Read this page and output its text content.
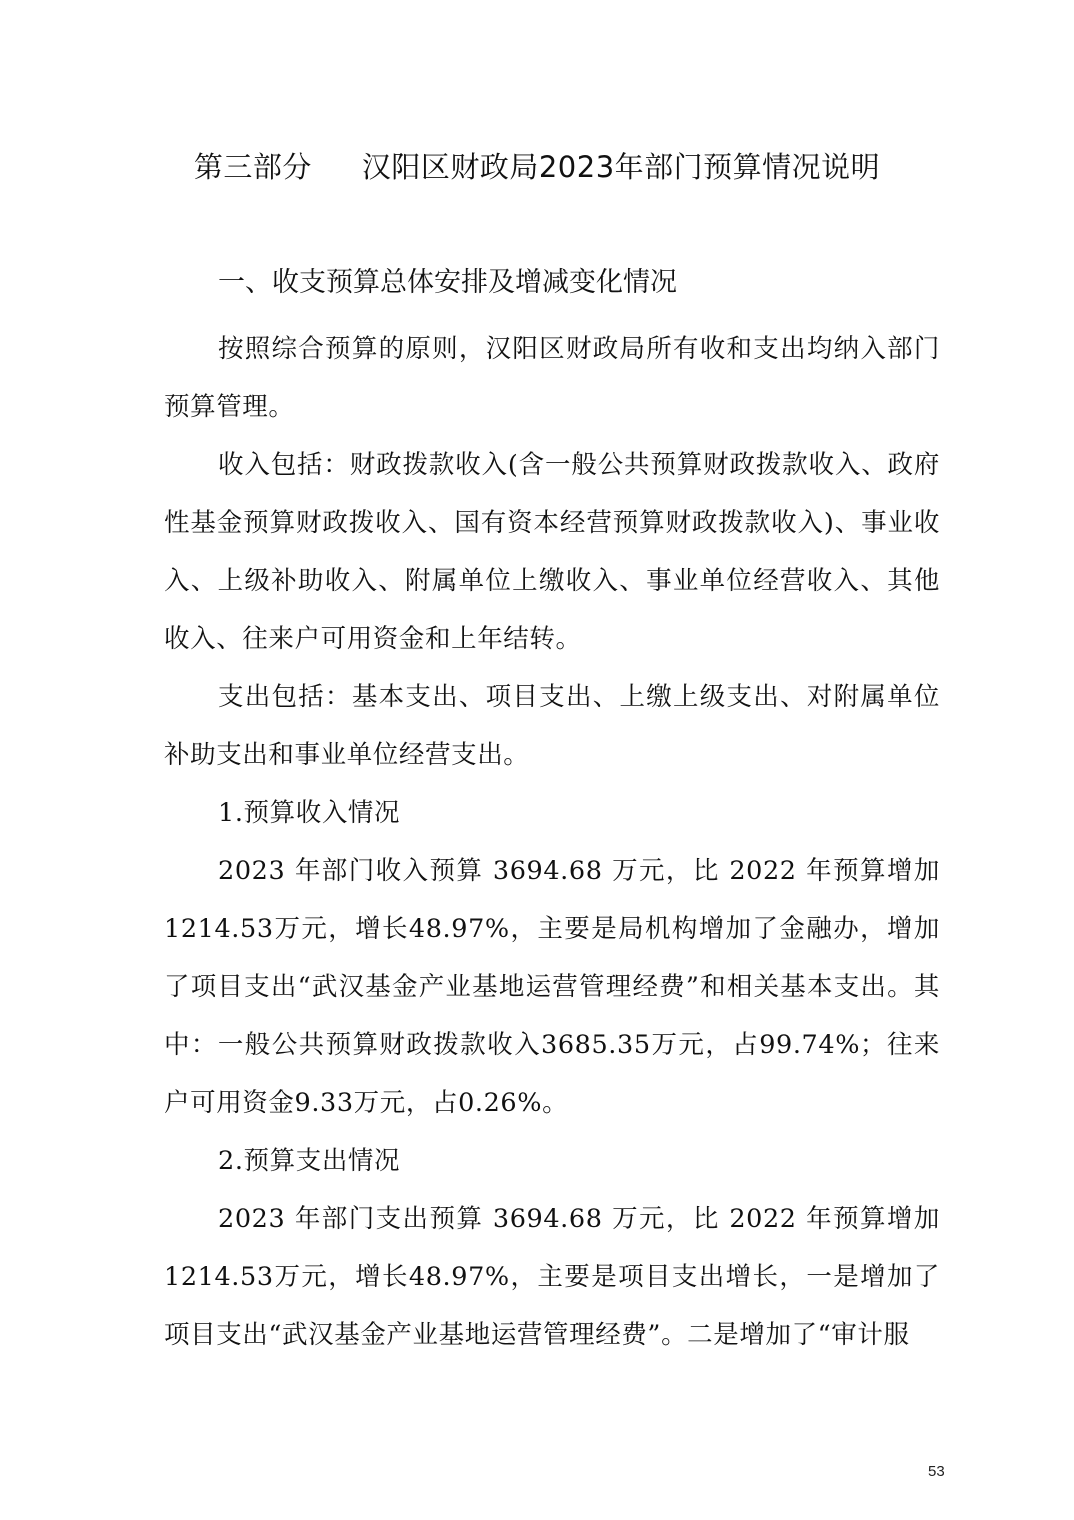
第三部分 汉阳区财政局2023年部门预算情况说明
一、收支预算总体安排及增减变化情况

按照综合预算的原则，汉阳区财政局所有收和支出均纳入部门预算管理。

收入包括：财政拨款收入(含一般公共预算财政拨款收入、政府性基金预算财政拨收入、国有资本经营预算财政拨款收入)、事业收入、上级补助收入、附属单位上缴收入、事业单位经营收入、其他收入、往来户可用资金和上年结转。

支出包括：基本支出、项目支出、上缴上级支出、对附属单位补助支出和事业单位经营支出。

1.预算收入情况

2023 年部门收入预算 3694.68 万元，比 2022 年预算增加1214.53万元，增长48.97%，主要是局机构增加了金融办，增加了项目支出“武汉基金产业基地运营管理经费”和相关基本支出。其中：一般公共预算财政拨款收入3685.35万元，占99.74%；往来户可用资金9.33万元，占0.26%。

2.预算支出情况

2023 年部门支出预算 3694.68 万元，比 2022 年预算增加1214.53万元，增长48.97%，主要是项目支出增长，一是增加了项目支出“武汉基金产业基地运营管理经费”。二是增加了“审计服

53
